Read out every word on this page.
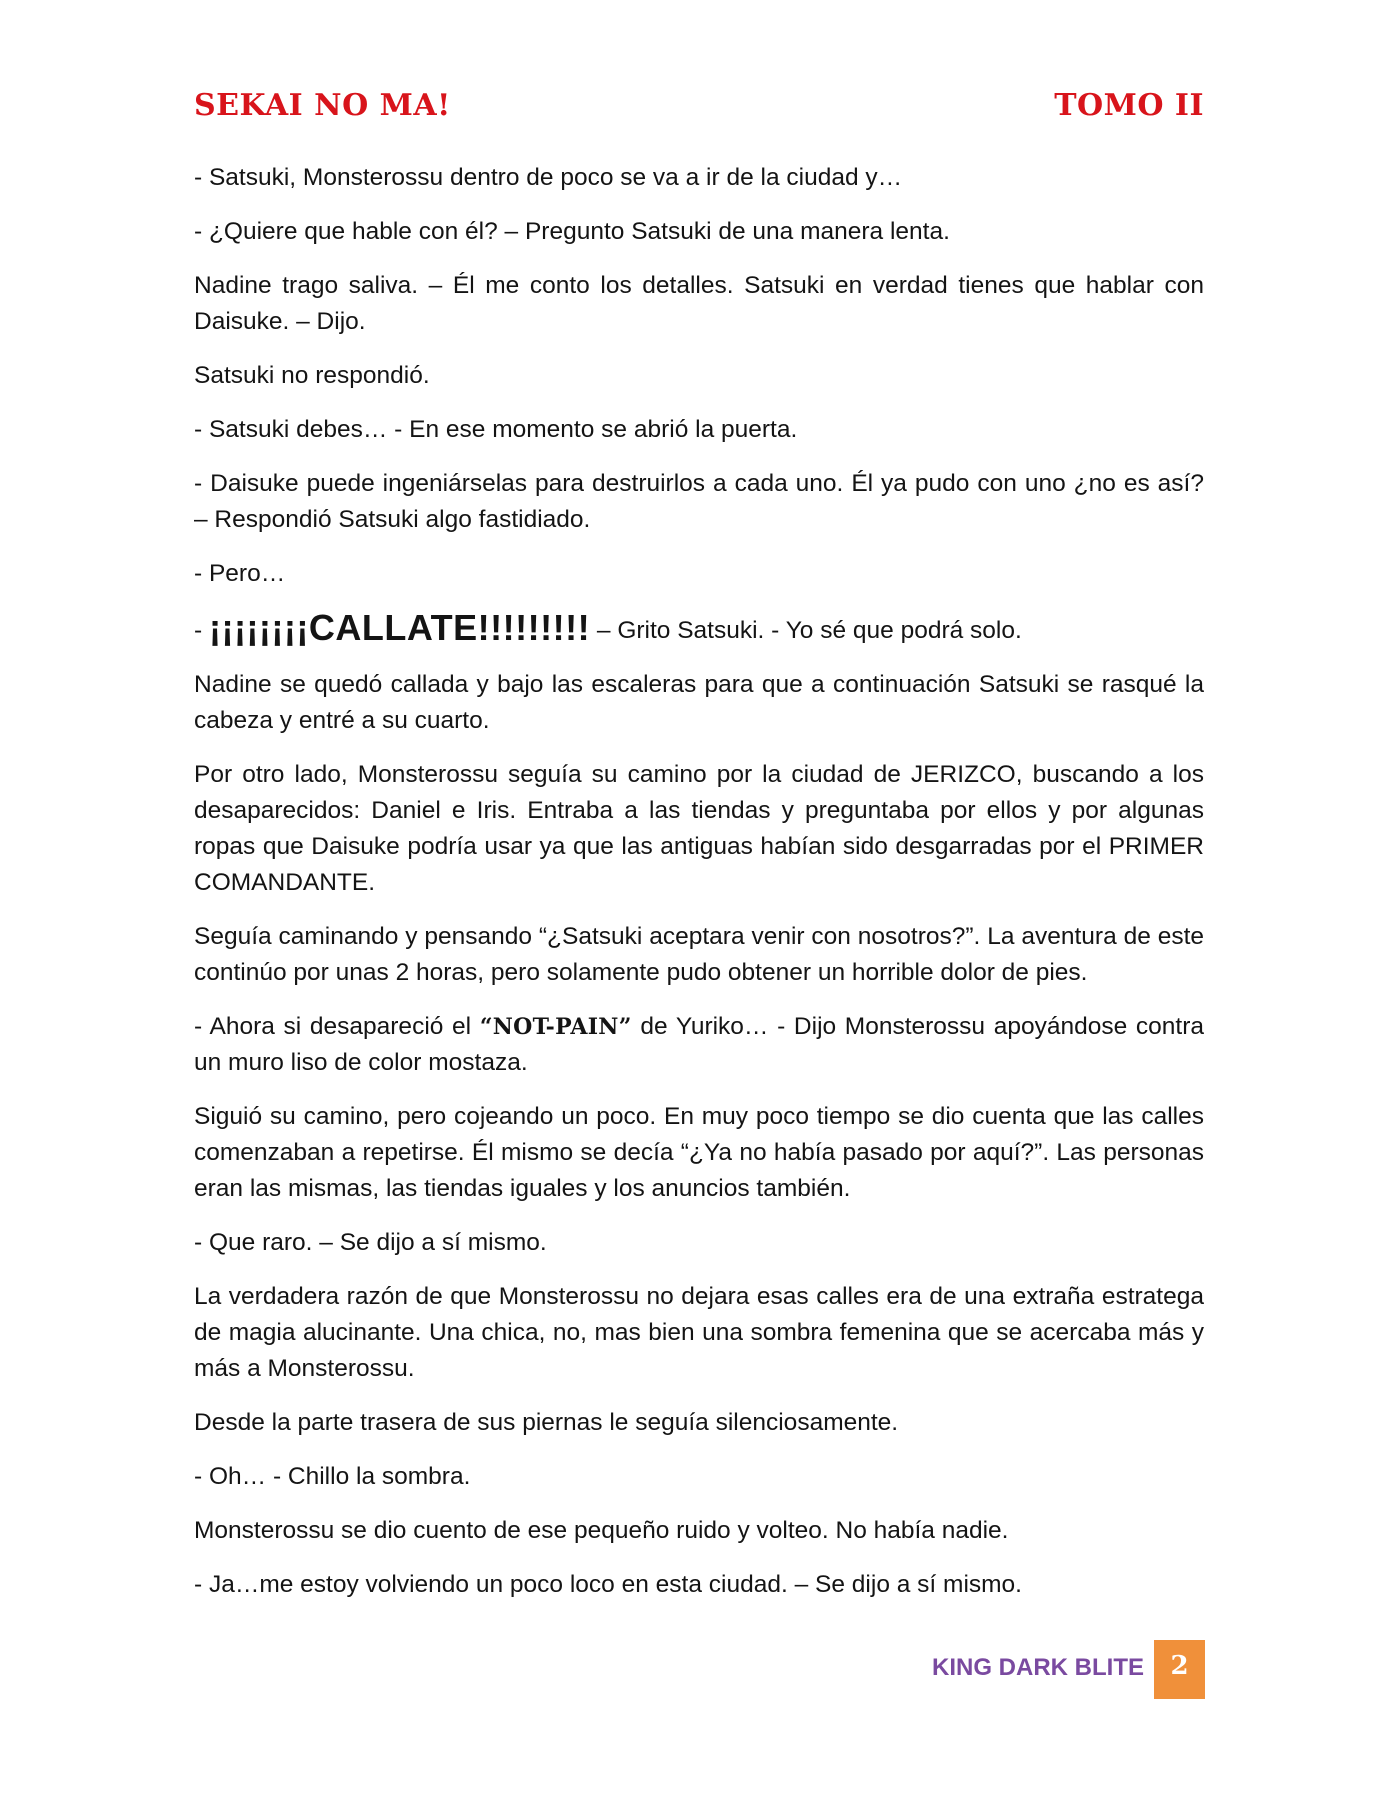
SEKAI NO MA!	TOMO II

- Satsuki, Monsterossu dentro de poco se va a ir de la ciudad y…

- ¿Quiere que hable con él? – Pregunto Satsuki de una manera lenta.

Nadine trago saliva. – Él me conto los detalles. Satsuki en verdad tienes que hablar con Daisuke. – Dijo.

Satsuki no respondió.

- Satsuki debes… - En ese momento se abrió la puerta.

- Daisuke puede ingeniárselas para destruirlos a cada uno. Él ya pudo con uno ¿no es así? – Respondió Satsuki algo fastidiado.

- Pero…

- ¡¡¡¡¡¡¡¡CALLATE!!!!!!!!! – Grito Satsuki. - Yo sé que podrá solo.

Nadine se quedó callada y bajo las escaleras para que a continuación Satsuki se rasqué la cabeza y entré a su cuarto.

Por otro lado, Monsterossu seguía su camino por la ciudad de JERIZCO, buscando a los desaparecidos: Daniel e Iris. Entraba a las tiendas y preguntaba por ellos y por algunas ropas que Daisuke podría usar ya que las antiguas habían sido desgarradas por el PRIMER COMANDANTE.

Seguía caminando y pensando “¿Satsuki aceptara venir con nosotros?”. La aventura de este continúo por unas 2 horas, pero solamente pudo obtener un horrible dolor de pies.

- Ahora si desapareció el “NOT-PAIN” de Yuriko… - Dijo Monsterossu apoyándose contra un muro liso de color mostaza.

Siguió su camino, pero cojeando un poco. En muy poco tiempo se dio cuenta que las calles comenzaban a repetirse. Él mismo se decía “¿Ya no había pasado por aquí?”. Las personas eran las mismas, las tiendas iguales y los anuncios también.

- Que raro. – Se dijo a sí mismo.

La verdadera razón de que Monsterossu no dejara esas calles era de una extraña estratega de magia alucinante. Una chica, no, mas bien una sombra femenina que se acercaba más y más a Monsterossu.

Desde la parte trasera de sus piernas le seguía silenciosamente.

- Oh… - Chillo la sombra.

Monsterossu se dio cuento de ese pequeño ruido y volteo. No había nadie.

- Ja…me estoy volviendo un poco loco en esta ciudad. – Se dijo a sí mismo.

KING DARK BLITE	2
